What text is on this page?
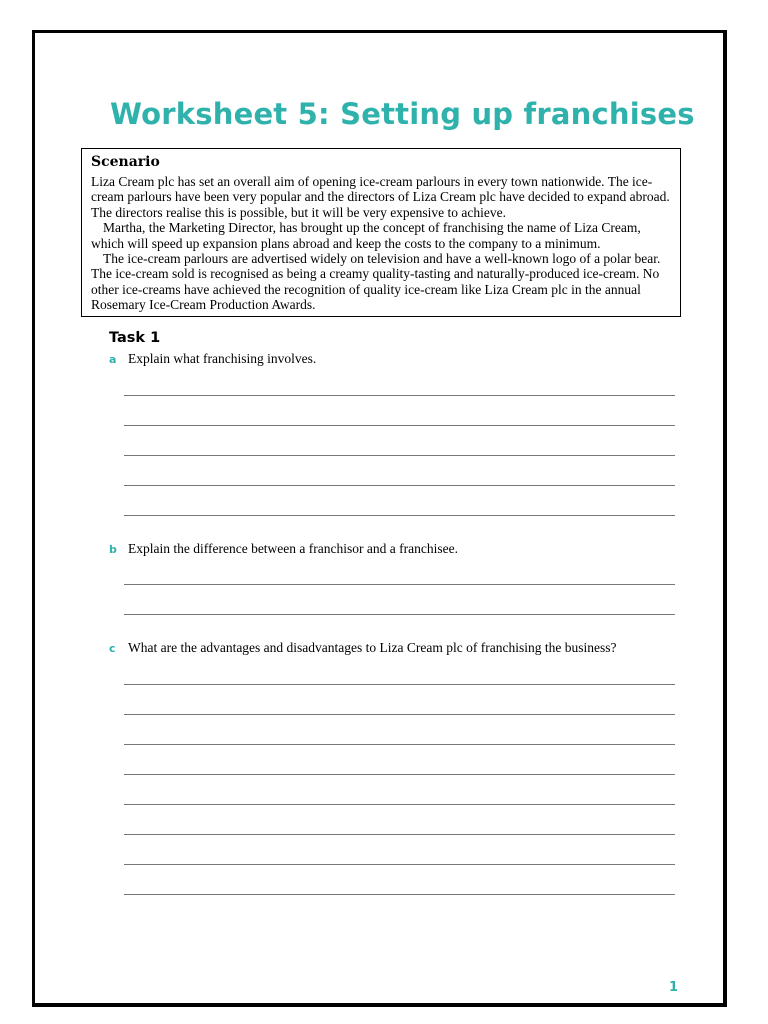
Worksheet 5: Setting up franchises
Scenario

Liza Cream plc has set an overall aim of opening ice-cream parlours in every town nationwide. The ice-cream parlours have been very popular and the directors of Liza Cream plc have decided to expand abroad. The directors realise this is possible, but it will be very expensive to achieve.
Martha, the Marketing Director, has brought up the concept of franchising the name of Liza Cream, which will speed up expansion plans abroad and keep the costs to the company to a minimum.
The ice-cream parlours are advertised widely on television and have a well-known logo of a polar bear. The ice-cream sold is recognised as being a creamy quality-tasting and naturally-produced ice-cream. No other ice-creams have achieved the recognition of quality ice-cream like Liza Cream plc in the annual Rosemary Ice-Cream Production Awards.

Task 1
a Explain what franchising involves.
b Explain the difference between a franchisor and a franchisee.
c What are the advantages and disadvantages to Liza Cream plc of franchising the business?
1
